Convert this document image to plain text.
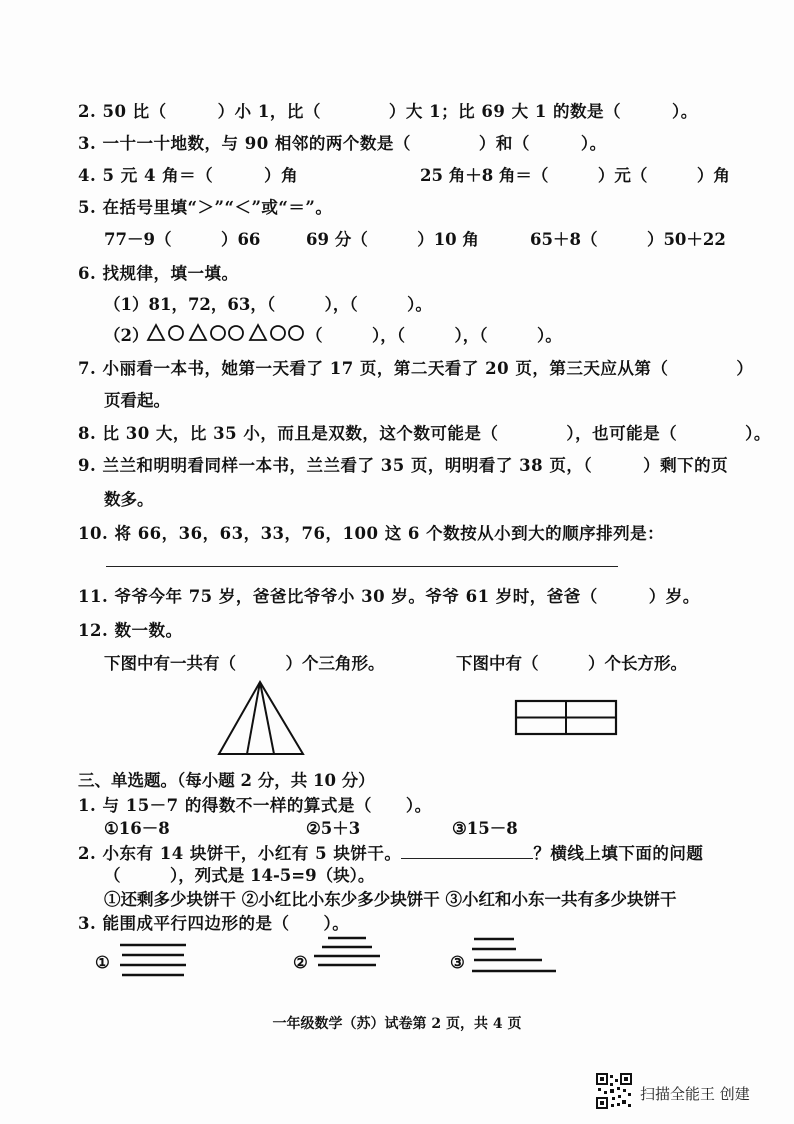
2. 50 比（　　　）小 1，比（　　　　）大 1；比 69 大 1 的数是（　　　）。
3. 一十一十地数，与 90 相邻的两个数是（　　　　）和（　　　）。
4. 5 元 4 角＝（　　　）角	25 角＋8 角＝（　　　）元（　　　）角
5. 在括号里填“＞”“＜”或“＝”。
77－9（　　　）66	69 分（　　　）10 角	65＋8（　　　）50＋22
6. 找规律，填一填。
（1）81，72，63，（　　　），（　　　）。
（2）	（　　　），（　　　），（　　　）。
7. 小丽看一本书，她第一天看了 17 页，第二天看了 20 页，第三天应从第（　　　　）
页看起。
8. 比 30 大，比 35 小，而且是双数，这个数可能是（　　　　），也可能是（　　　　）。
9. 兰兰和明明看同样一本书，兰兰看了 35 页，明明看了 38 页，（　　　）剩下的页
数多。
10. 将 66，36，63，33，76，100 这 6 个数按从小到大的顺序排列是：
11. 爷爷今年 75 岁，爸爸比爷爷小 30 岁。爷爷 61 岁时，爸爸（　　　）岁。
12. 数一数。
下图中有一共有（　　　）个三角形。	下图中有（　　　）个长方形。
三、单选题。（每小题 2 分，共 10 分）
1. 与 15－7 的得数不一样的算式是（　　）。
①16－8	②5＋3	③15－8
2. 小东有 14 块饼干，小红有 5 块饼干。	？横线上填下面的问题
（　　　），列式是 14-5=9（块）。
①还剩多少块饼干 ②小红比小东少多少块饼干 ③小红和小东一共有多少块饼干
3. 能围成平行四边形的是（　　）。
①	②	③
一年级数学（苏）试卷第 2 页，共 4 页
扫描全能王 创建
